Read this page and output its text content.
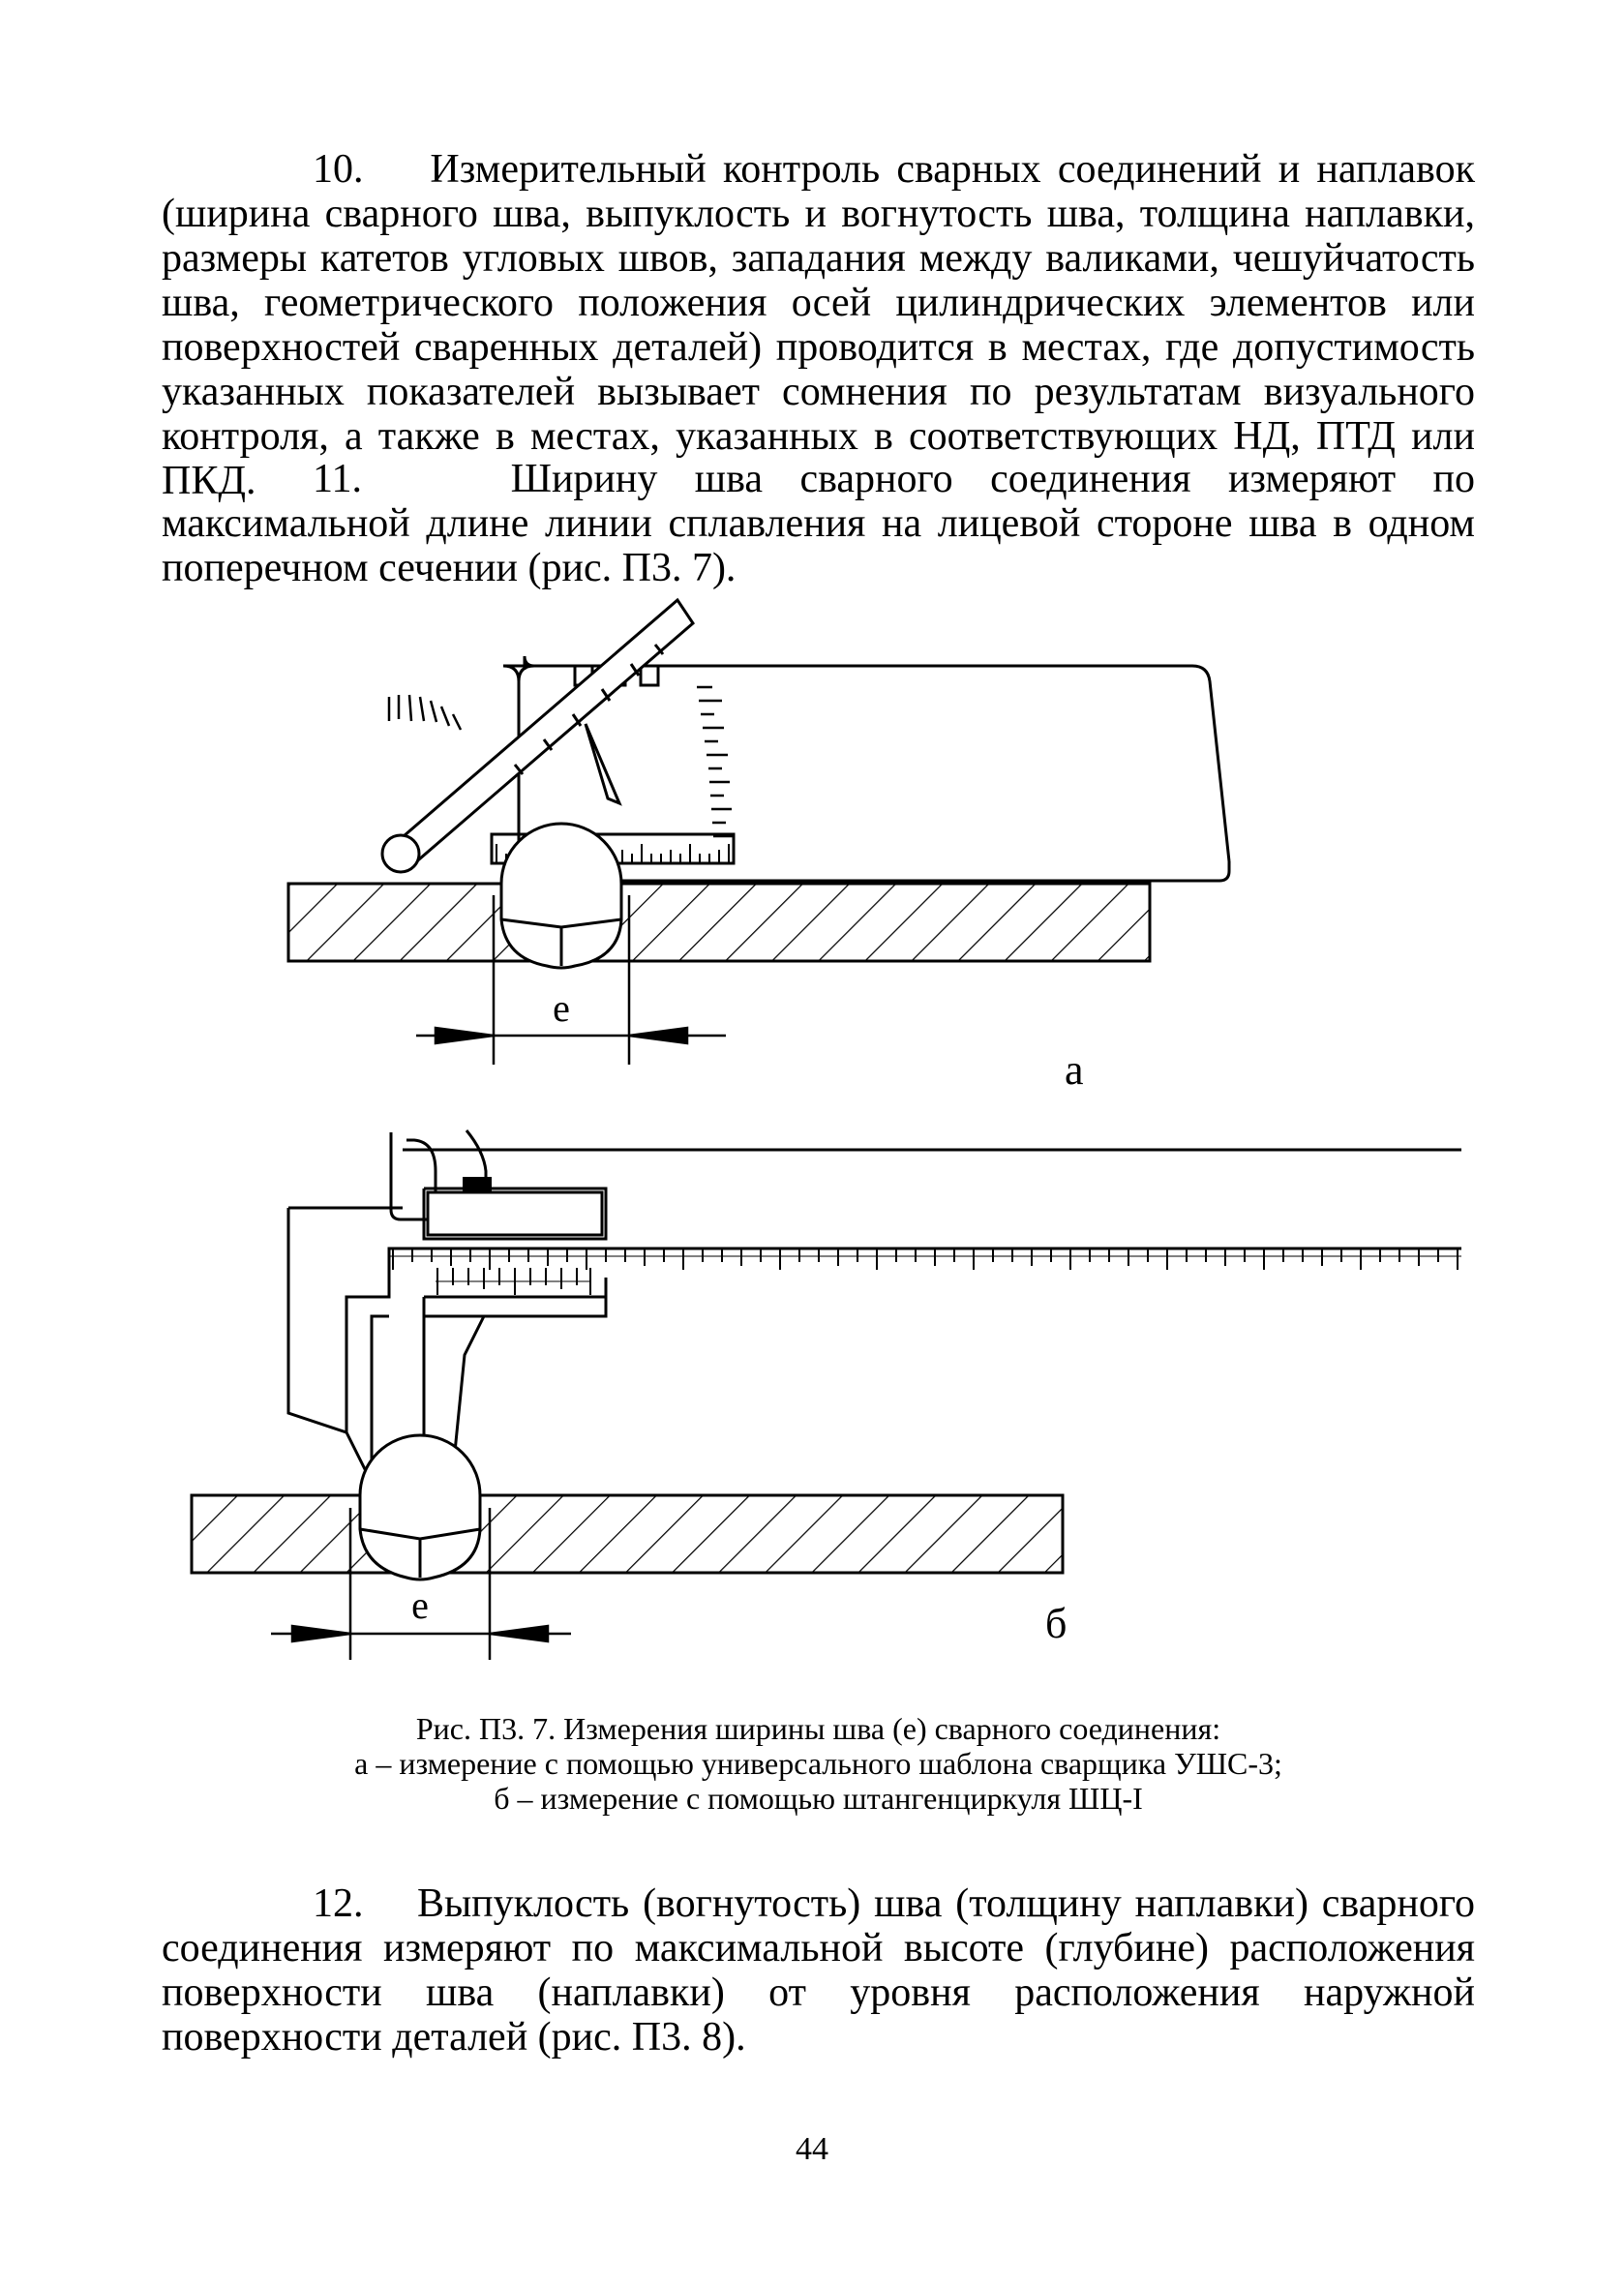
10. Измерительный контроль сварных соединений и наплавок (ширина сварного шва, выпуклость и вогнутость шва, толщина наплавки, размеры катетов угловых швов, западания между валиками, чешуйчатость шва, геометрического положения осей цилиндрических элементов или поверхностей сваренных деталей) проводится в местах, где допустимость указанных показателей вызывает сомнения по результатам визуального контроля, а также в местах, указанных в соответствующих НД, ПТД или ПКД.	11.	Ширину шва сварного соединения измеряют по максимальной длине линии сплавления на лицевой стороне шва в одном поперечном сечении (рис. П3. 7).

е
а
е	б
Рис. П3. 7. Измерения ширины шва (е) сварного соединения:
а – измерение с помощью универсального шаблона сварщика УШС-3;
б – измерение с помощью штангенциркуля ШЦ-I

12. Выпуклость (вогнутость) шва (толщину наплавки) сварного соединения измеряют по максимальной высоте (глубине) расположения поверхности шва (наплавки) от уровня расположения наружной поверхности деталей (рис. П3. 8).

44
